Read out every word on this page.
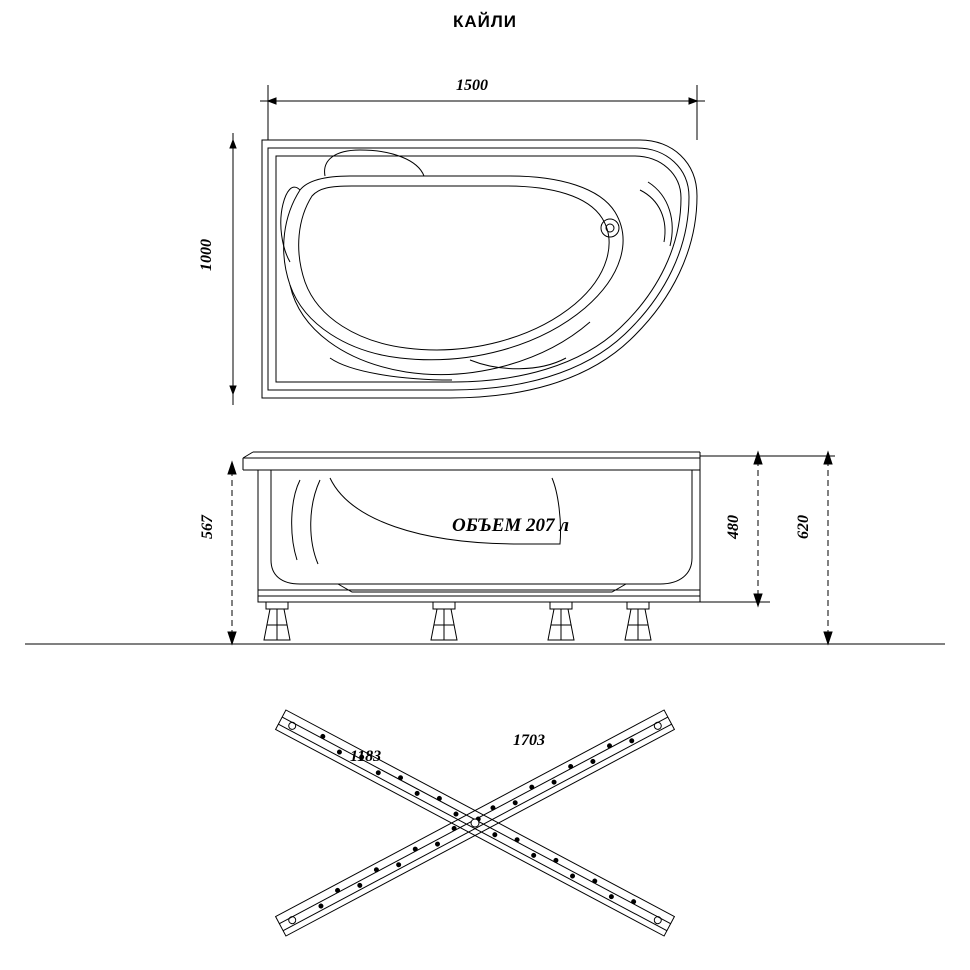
КАЙЛИ
1500
1000
ОБЪЕМ 207 л
567	480	620
1183
1703
